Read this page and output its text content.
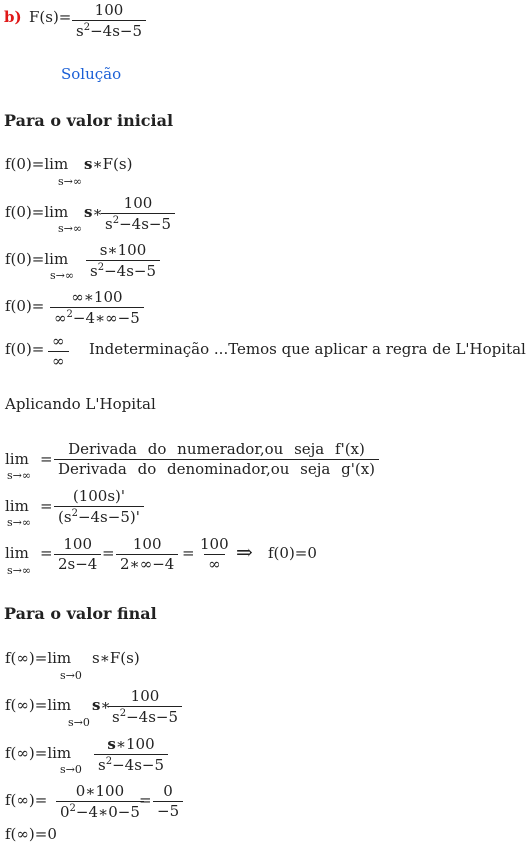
b) $F(s)= \frac{100}{s^2-4s-5}$
Solução
Para o valor inicial
f(0)=lim
s→∞
s∗F(s)
f(0)=lim
s→∞
s∗
$\frac{100}{s^2-4s-5}$
f(0)=lim
$s\to\infty \frac{s∗100}{s^2-4s-5}$
$f(0)= \frac{\infty∗100}{\infty^2-4∗\infty-5}$
f(0)= ∞
∞
Indeterminação ...Temos que aplicar a regra de L'Hopital
Aplicando L'Hopital
lim
s→∞
=
Derivada do numerador,ou seja f'(x)
Derivada do denominador,ou seja g'(x)
lim
s→∞
= $\frac{(100s)'}{(s^2-4s-5)'}$
lim
s→∞
= $\frac{100}{2s-4} = \frac{100}{2∗\infty-4} = 100$
∞ ⇒ f(0)=0
Para o valor final
f(∞)=lim
s→0
s∗F(s)
f(∞)=lim
s→0
s∗
$\frac{100}{s^2-4s-5}$
f(∞)=lim
$s\to 0 \frac{s∗100}{s^2-4s-5}$
$f(\infty)= \frac{0∗100}{0^2-4∗0-5}$
= $\frac{0}{-5}$
f(∞)=0
